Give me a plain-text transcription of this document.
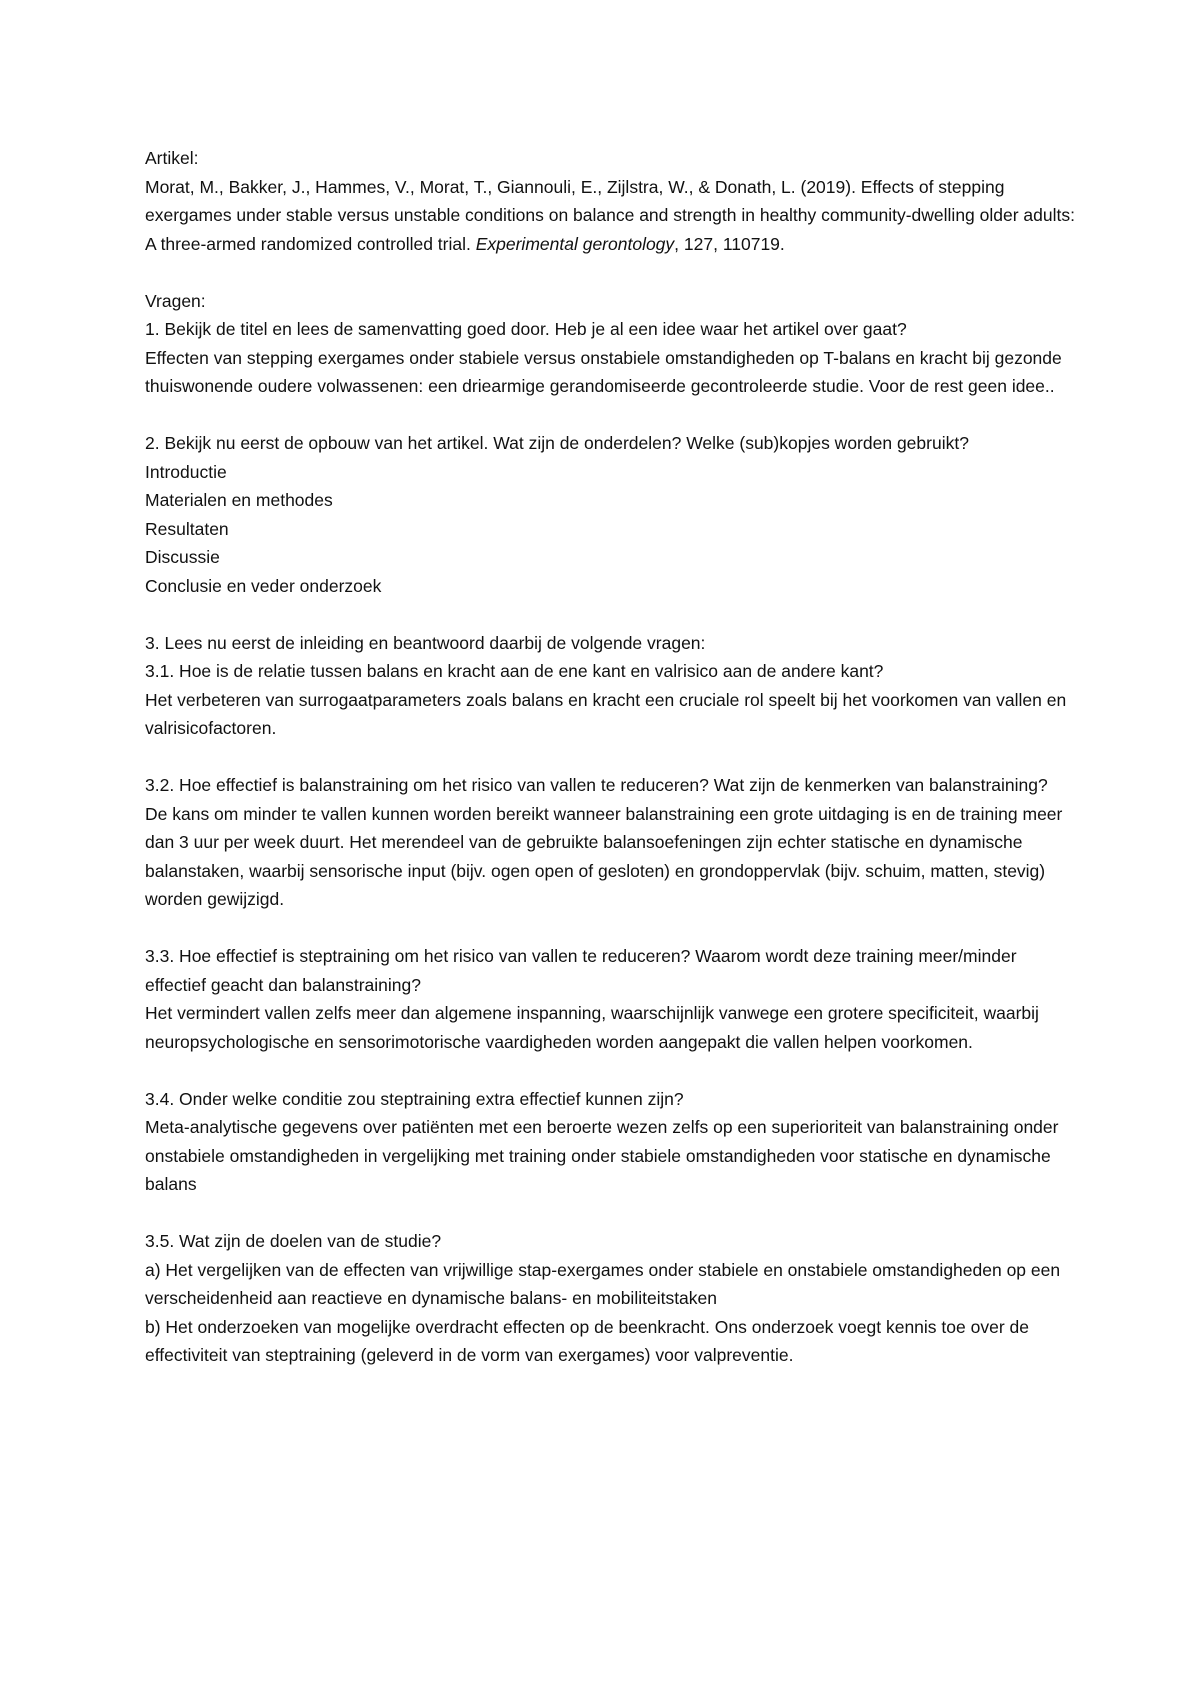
Artikel:

Morat, M., Bakker, J., Hammes, V., Morat, T., Giannouli, E., Zijlstra, W., & Donath, L. (2019). Effects of stepping exergames under stable versus unstable conditions on balance and strength in healthy community-dwelling older adults: A three-armed randomized controlled trial. Experimental gerontology, 127, 110719.

Vragen:

1. Bekijk de titel en lees de samenvatting goed door. Heb je al een idee waar het artikel over gaat?

Effecten van stepping exergames onder stabiele versus onstabiele omstandigheden op T-balans en kracht bij gezonde thuiswonende oudere volwassenen: een driearmige gerandomiseerde gecontroleerde studie. Voor de rest geen idee..

2. Bekijk nu eerst de opbouw van het artikel. Wat zijn de onderdelen? Welke (sub)kopjes worden gebruikt?

Introductie

Materialen en methodes

Resultaten

Discussie

Conclusie en veder onderzoek

3. Lees nu eerst de inleiding en beantwoord daarbij de volgende vragen:

3.1. Hoe is de relatie tussen balans en kracht aan de ene kant en valrisico aan de andere kant?

Het verbeteren van surrogaatparameters zoals balans en kracht een cruciale rol speelt bij het voorkomen van vallen en valrisicofactoren.

3.2. Hoe effectief is balanstraining om het risico van vallen te reduceren? Wat zijn de kenmerken van balanstraining?

De kans om minder te vallen kunnen worden bereikt wanneer balanstraining een grote uitdaging is en de training meer dan 3 uur per week duurt. Het merendeel van de gebruikte balansoefeningen zijn echter statische en dynamische balanstaken, waarbij sensorische input (bijv. ogen open of gesloten) en grondoppervlak (bijv. schuim, matten, stevig) worden gewijzigd.

3.3. Hoe effectief is steptraining om het risico van vallen te reduceren? Waarom wordt deze training meer/minder effectief geacht dan balanstraining?

Het vermindert vallen zelfs meer dan algemene inspanning, waarschijnlijk vanwege een grotere specificiteit, waarbij neuropsychologische en sensorimotorische vaardigheden worden aangepakt die vallen helpen voorkomen.

3.4. Onder welke conditie zou steptraining extra effectief kunnen zijn?

Meta-analytische gegevens over patiënten met een beroerte wezen zelfs op een superioriteit van balanstraining onder onstabiele omstandigheden in vergelijking met training onder stabiele omstandigheden voor statische en dynamische balans

3.5. Wat zijn de doelen van de studie?

a) Het vergelijken van de effecten van vrijwillige stap-exergames onder stabiele en onstabiele omstandigheden op een verscheidenheid aan reactieve en dynamische balans- en mobiliteitstaken

b) Het onderzoeken van mogelijke overdracht effecten op de beenkracht. Ons onderzoek voegt kennis toe over de effectiviteit van steptraining (geleverd in de vorm van exergames) voor valpreventie.
